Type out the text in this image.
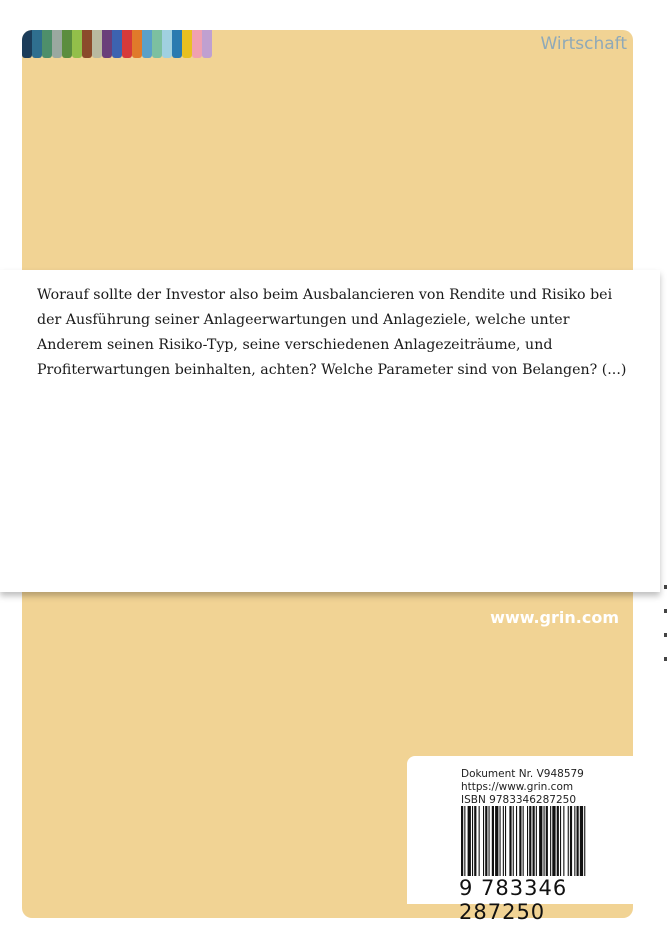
Wirtschaft

Worauf sollte der Investor also beim Ausbalancieren von Rendite und Risiko bei der Ausführung seiner Anlageerwartungen und Anlageziele, welche unter Anderem seinen Risiko-Typ, seine verschiedenen Anlagezeiträume, und Profiterwartungen beinhalten, achten? Welche Parameter sind von Belangen? (...)

www.grin.com
Dokument Nr. V948579
https://www.grin.com
ISBN 9783346287250
9 783346 287250
